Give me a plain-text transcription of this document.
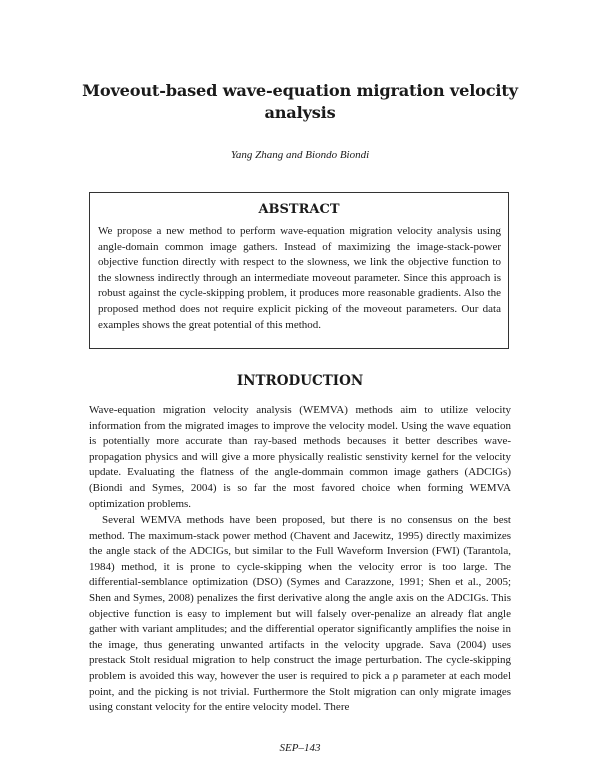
Moveout-based wave-equation migration velocity analysis
Yang Zhang and Biondo Biondi
ABSTRACT

We propose a new method to perform wave-equation migration velocity analysis using angle-domain common image gathers. Instead of maximizing the image-stack-power objective function directly with respect to the slowness, we link the objective function to the slowness indirectly through an intermediate moveout parameter. Since this approach is robust against the cycle-skipping problem, it produces more reasonable gradients. Also the proposed method does not require explicit picking of the moveout parameters. Our data examples shows the great potential of this method.

INTRODUCTION

Wave-equation migration velocity analysis (WEMVA) methods aim to utilize velocity information from the migrated images to improve the velocity model. Using the wave equation is potentially more accurate than ray-based methods becauses it better describes wave-propagation physics and will give a more physically realistic senstivity kernel for the velocity update. Evaluating the flatness of the angle-dommain common image gathers (ADCIGs) (Biondi and Symes, 2004) is so far the most favored choice when forming WEMVA optimization problems.

Several WEMVA methods have been proposed, but there is no consensus on the best method. The maximum-stack power method (Chavent and Jacewitz, 1995) directly maximizes the angle stack of the ADCIGs, but similar to the Full Waveform Inversion (FWI) (Tarantola, 1984) method, it is prone to cycle-skipping when the velocity error is too large. The differential-semblance optimization (DSO) (Symes and Carazzone, 1991; Shen et al., 2005; Shen and Symes, 2008) penalizes the first derivative along the angle axis on the ADCIGs. This objective function is easy to implement but will falsely over-penalize an already flat angle gather with variant amplitudes; and the differential operator significantly amplifies the noise in the image, thus generating unwanted artifacts in the velocity upgrade. Sava (2004) uses prestack Stolt residual migration to help construct the image perturbation. The cycle-skipping problem is avoided this way, however the user is required to pick a ρ parameter at each model point, and the picking is not trivial. Furthermore the Stolt migration can only migrate images using constant velocity for the entire velocity model. There

SEP–143
